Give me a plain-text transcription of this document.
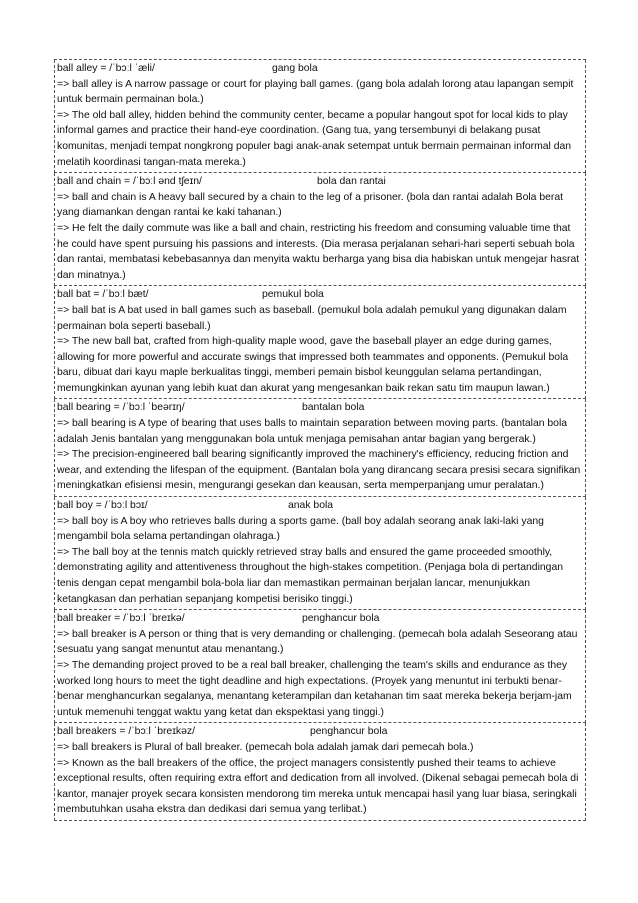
ball alley = /ˈbɔːl ˈæli/	gang bola

=> ball alley is A narrow passage or court for playing ball games. (gang bola adalah lorong atau lapangan sempit untuk bermain permainan bola.)

=> The old ball alley, hidden behind the community center, became a popular hangout spot for local kids to play informal games and practice their hand-eye coordination. (Gang tua, yang tersembunyi di belakang pusat komunitas, menjadi tempat nongkrong populer bagi anak-anak setempat untuk bermain permainan informal dan melatih koordinasi tangan-mata mereka.)

ball and chain = /ˈbɔːl ənd tʃeɪn/	bola dan rantai

=> ball and chain is A heavy ball secured by a chain to the leg of a prisoner. (bola dan rantai adalah Bola berat yang diamankan dengan rantai ke kaki tahanan.)

=> He felt the daily commute was like a ball and chain, restricting his freedom and consuming valuable time that he could have spent pursuing his passions and interests. (Dia merasa perjalanan sehari-hari seperti sebuah bola dan rantai, membatasi kebebasannya dan menyita waktu berharga yang bisa dia habiskan untuk mengejar hasrat dan minatnya.)

ball bat = /ˈbɔːl bæt/	pemukul bola

=> ball bat is A bat used in ball games such as baseball. (pemukul bola adalah pemukul yang digunakan dalam permainan bola seperti baseball.)

=> The new ball bat, crafted from high-quality maple wood, gave the baseball player an edge during games, allowing for more powerful and accurate swings that impressed both teammates and opponents. (Pemukul bola baru, dibuat dari kayu maple berkualitas tinggi, memberi pemain bisbol keunggulan selama pertandingan, memungkinkan ayunan yang lebih kuat dan akurat yang mengesankan baik rekan satu tim maupun lawan.)

ball bearing = /ˈbɔːl ˈbeərɪŋ/	bantalan bola

=> ball bearing is A type of bearing that uses balls to maintain separation between moving parts. (bantalan bola adalah Jenis bantalan yang menggunakan bola untuk menjaga pemisahan antar bagian yang bergerak.)

=> The precision-engineered ball bearing significantly improved the machinery's efficiency, reducing friction and wear, and extending the lifespan of the equipment. (Bantalan bola yang dirancang secara presisi secara signifikan meningkatkan efisiensi mesin, mengurangi gesekan dan keausan, serta memperpanjang umur peralatan.)

ball boy = /ˈbɔːl bɔɪ/	anak bola

=> ball boy is A boy who retrieves balls during a sports game. (ball boy adalah seorang anak laki-laki yang mengambil bola selama pertandingan olahraga.)

=> The ball boy at the tennis match quickly retrieved stray balls and ensured the game proceeded smoothly, demonstrating agility and attentiveness throughout the high-stakes competition. (Penjaga bola di pertandingan tenis dengan cepat mengambil bola-bola liar dan memastikan permainan berjalan lancar, menunjukkan ketangkasan dan perhatian sepanjang kompetisi berisiko tinggi.)

ball breaker = /ˈbɔːl ˈbreɪkə/	penghancur bola

=> ball breaker is A person or thing that is very demanding or challenging. (pemecah bola adalah Seseorang atau sesuatu yang sangat menuntut atau menantang.)

=> The demanding project proved to be a real ball breaker, challenging the team's skills and endurance as they worked long hours to meet the tight deadline and high expectations. (Proyek yang menuntut ini terbukti benar-benar menghancurkan segalanya, menantang keterampilan dan ketahanan tim saat mereka bekerja berjam-jam untuk memenuhi tenggat waktu yang ketat dan ekspektasi yang tinggi.)

ball breakers = /ˈbɔːl ˈbreɪkəz/	penghancur bola

=> ball breakers is Plural of ball breaker. (pemecah bola adalah jamak dari pemecah bola.)

=> Known as the ball breakers of the office, the project managers consistently pushed their teams to achieve exceptional results, often requiring extra effort and dedication from all involved. (Dikenal sebagai pemecah bola di kantor, manajer proyek secara konsisten mendorong tim mereka untuk mencapai hasil yang luar biasa, seringkali membutuhkan usaha ekstra dan dedikasi dari semua yang terlibat.)
